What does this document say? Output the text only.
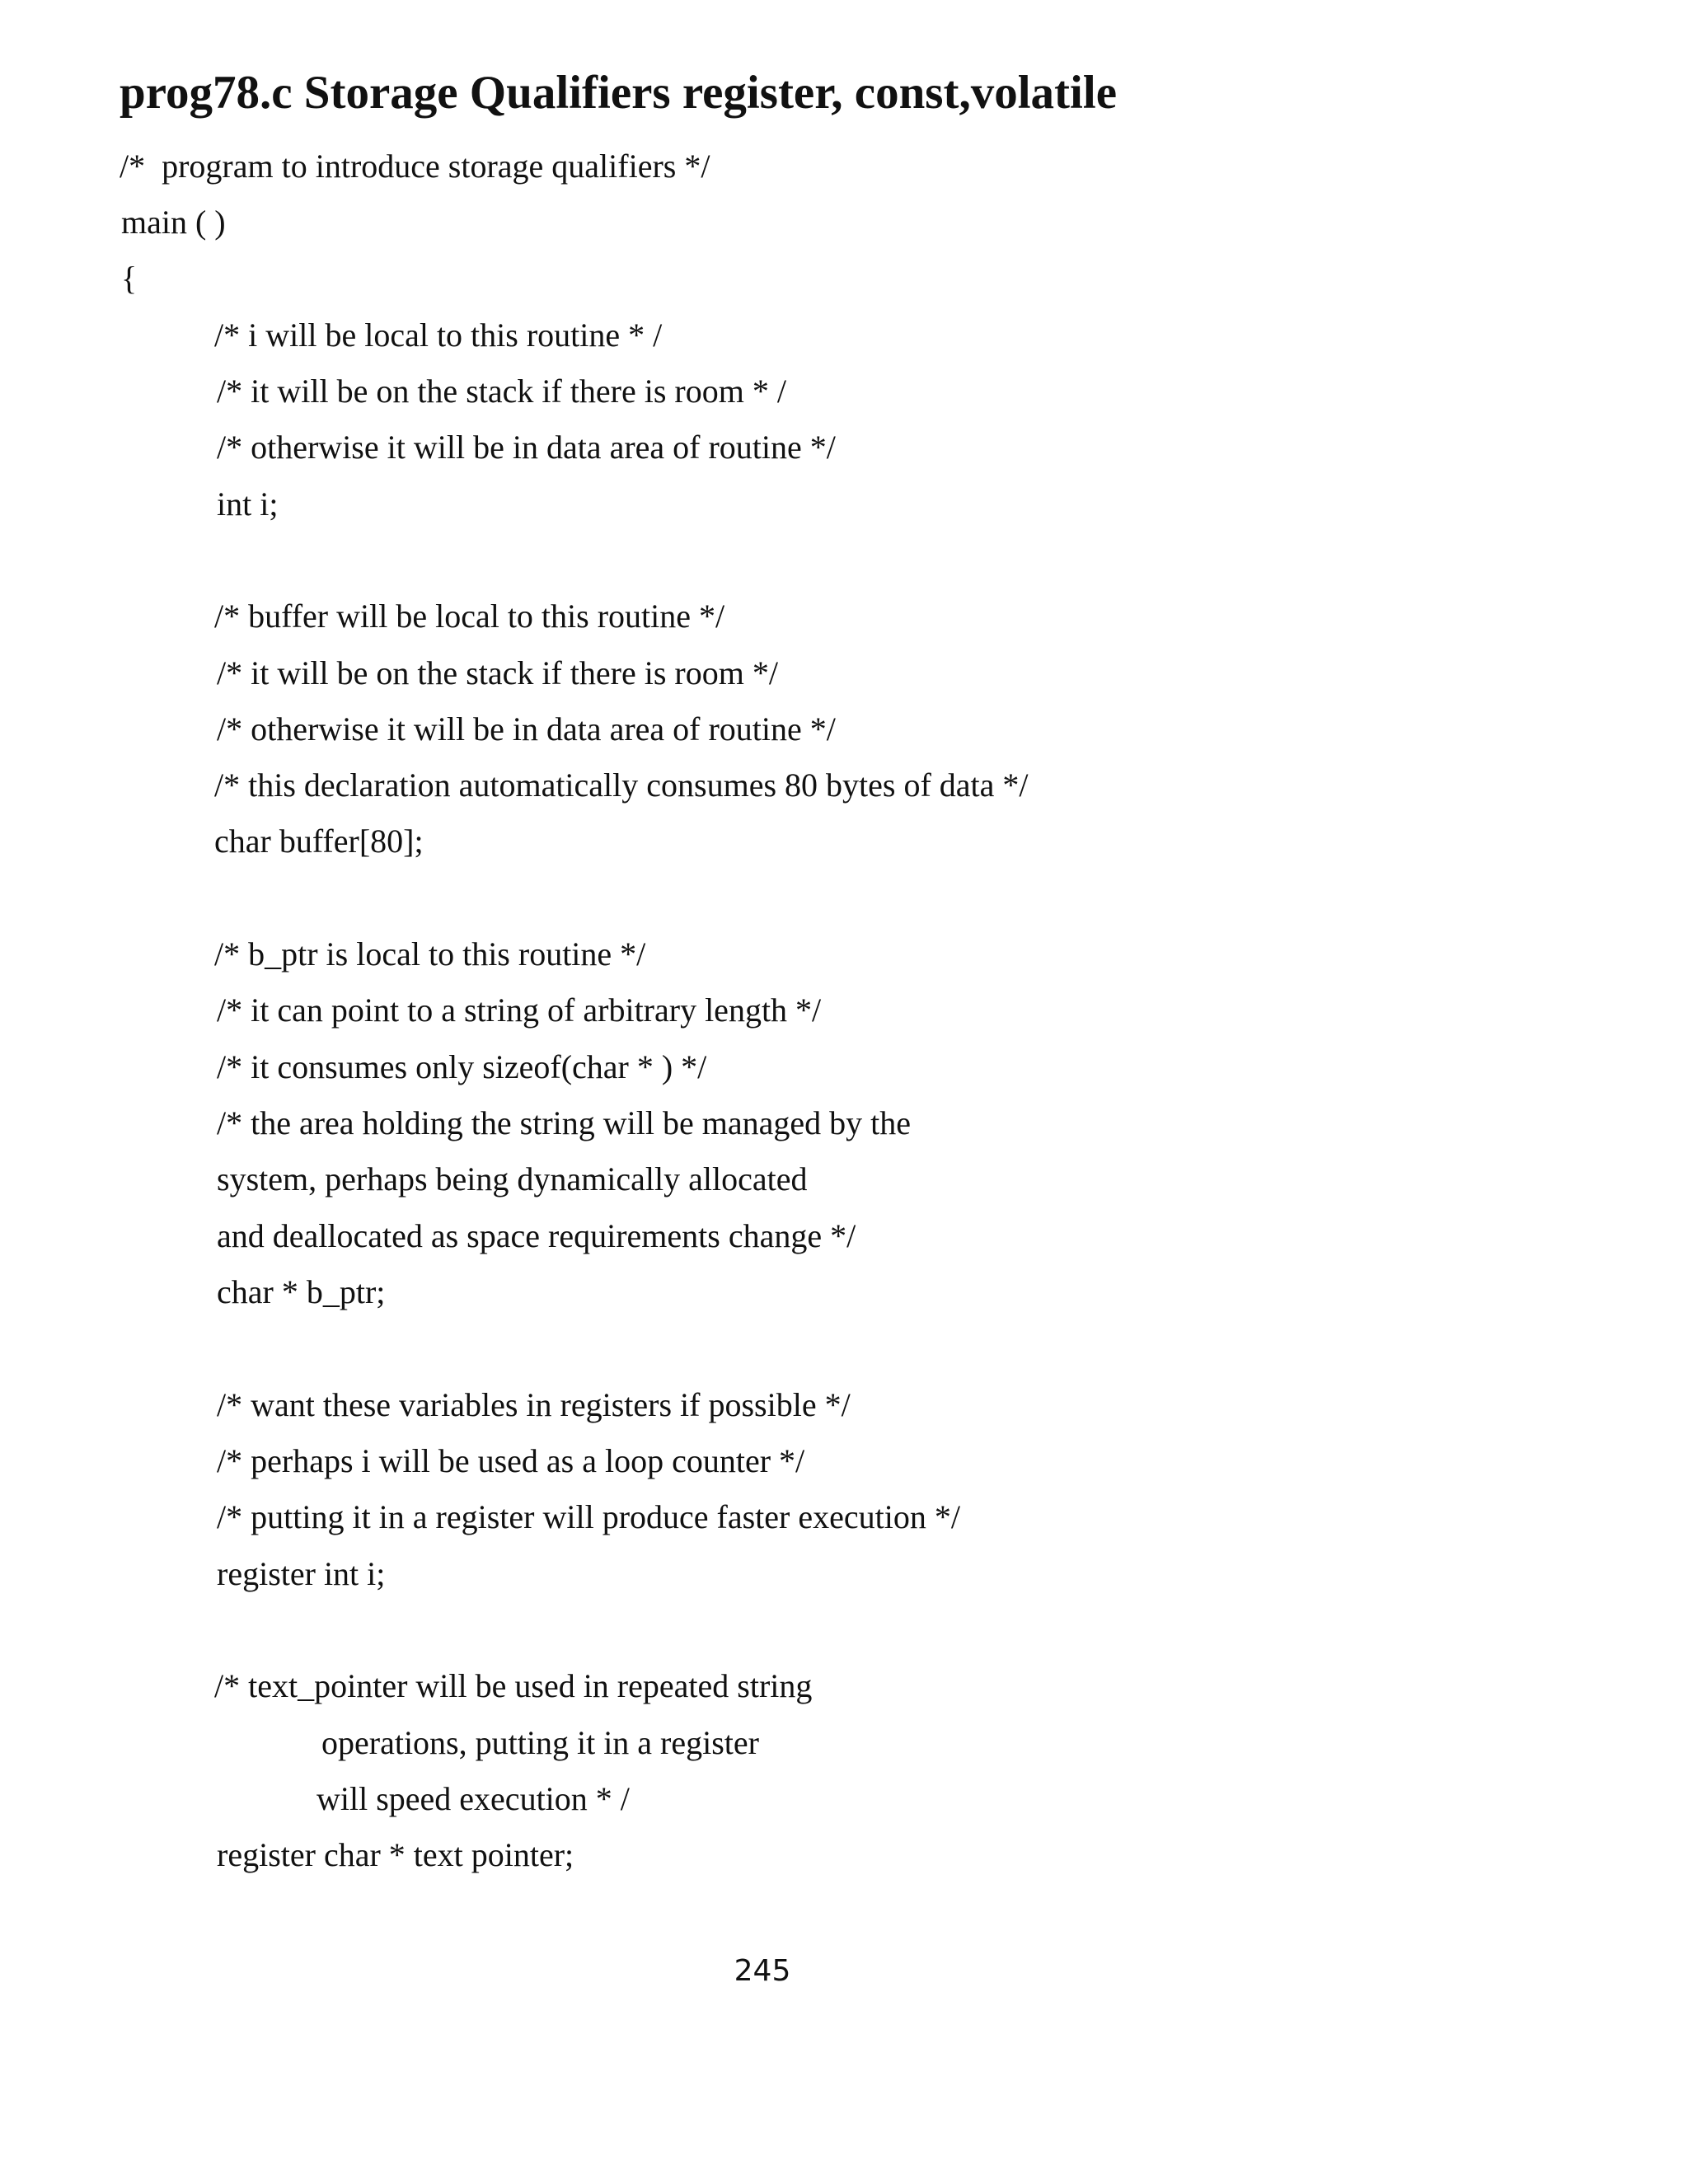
prog78.c Storage Qualifiers register, const,volatile
/*  program to introduce storage qualifiers */
main ( )
{
/* i will be local to this routine * /
/* it will be on the stack if there is room * /
/* otherwise it will be in data area of routine */
int i;
/* buffer will be local to this routine */
/* it will be on the stack if there is room */
/* otherwise it will be in data area of routine */
/* this declaration automatically consumes 80 bytes of data */
char buffer[80];
/* b_ptr is local to this routine */
/* it can point to a string of arbitrary length */
/* it consumes only sizeof(char * ) */
/* the area holding the string will be managed by the
system, perhaps being dynamically allocated
and deallocated as space requirements change */
char * b_ptr;
/* want these variables in registers if possible */
/* perhaps i will be used as a loop counter */
/* putting it in a register will produce faster execution */
register int i;
/* text_pointer will be used in repeated string
operations, putting it in a register
will speed execution * /
register char * text pointer;
245
